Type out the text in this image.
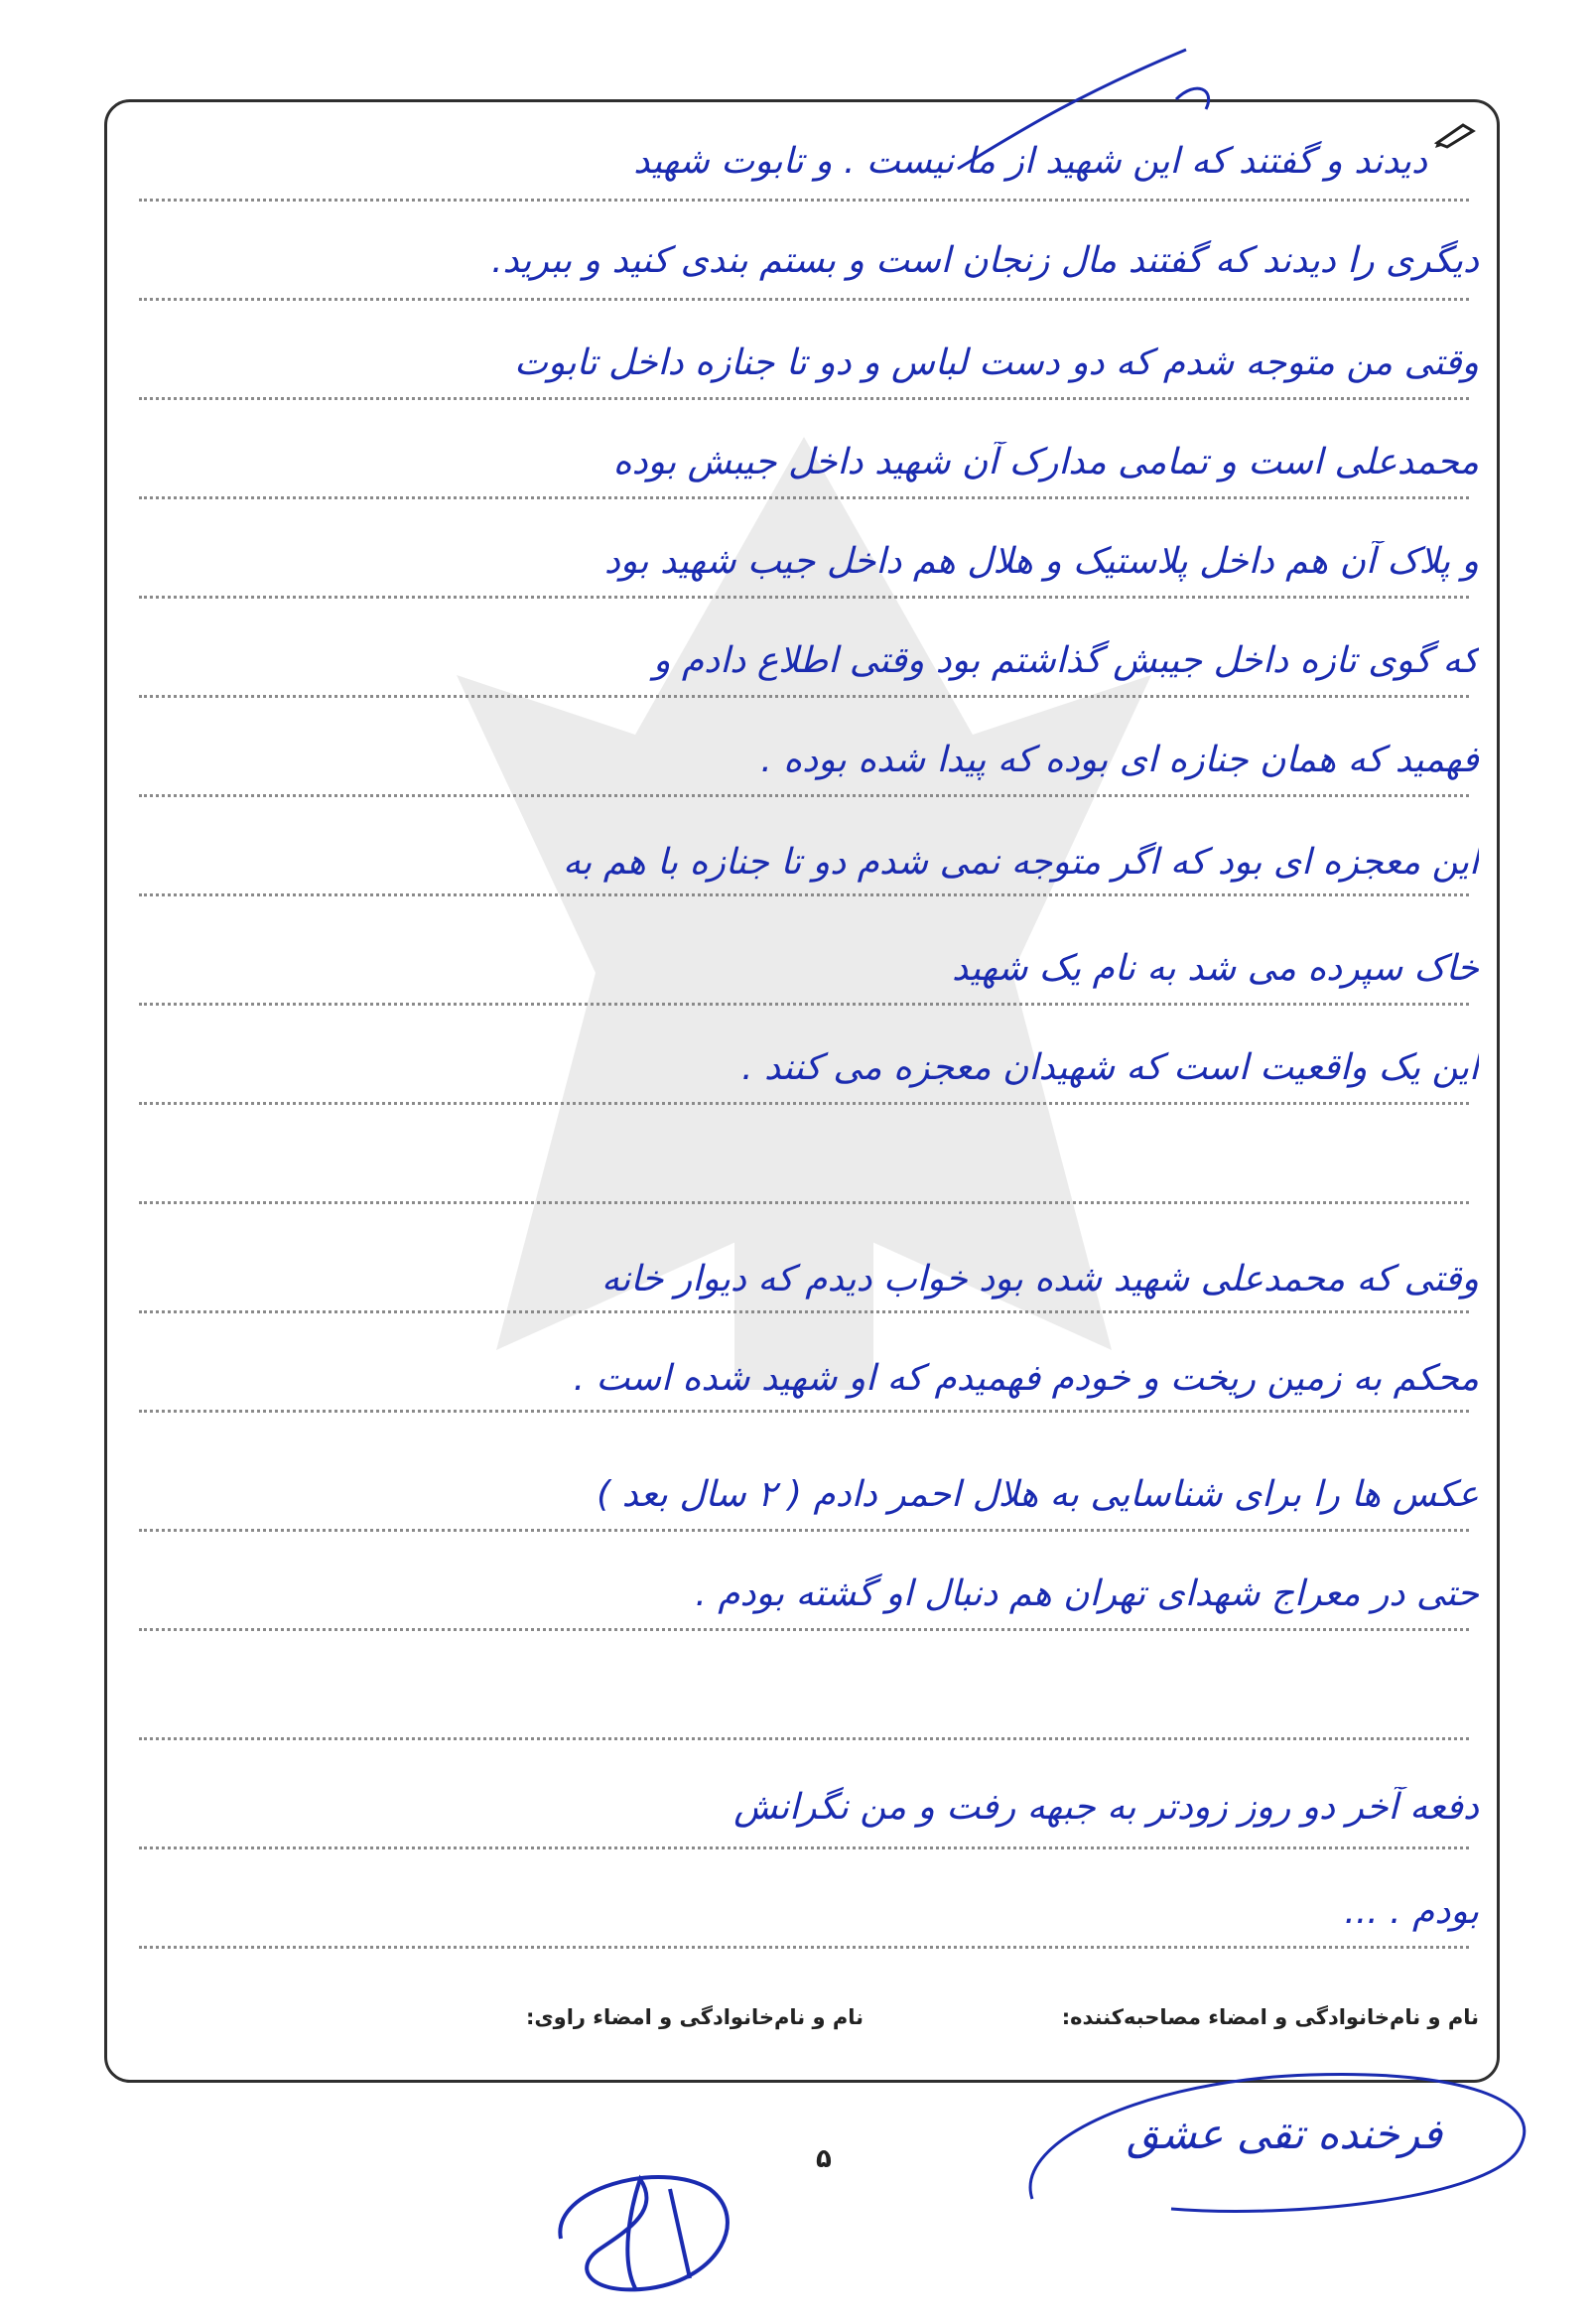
دیدند و گفتند که این شهید از ما نیست . و تابوت شهید
دیگری را دیدند که گفتند مال زنجان است و بستم بندی کنید و ببرید.
وقتی من متوجه شدم که دو دست لباس و دو تا جنازه داخل تابوت
محمدعلی است و تمامی مدارک آن شهید داخل جیبش بوده
و پلاک آن هم داخل پلاستیک و هلال هم داخل جیب شهید بود
که گوی تازه داخل جیبش گذاشتم بود وقتی اطلاع دادم و
فهمید که همان جنازه ای بوده که پیدا شده بوده .
این معجزه ای بود که اگر متوجه نمی شدم دو تا جنازه با هم به
خاک سپرده می شد به نام یک شهید
این یک واقعیت است که شهیدان معجزه می کنند .
وقتی که محمدعلی شهید شده بود خواب دیدم که دیوار خانه
محکم به زمین ریخت و خودم فهمیدم که او شهید شده است .
عکس ها را برای شناسایی به هلال احمر دادم ( ۲ سال بعد )
حتی در معراج شهدای تهران هم دنبال او گشته بودم .
دفعه آخر دو روز زودتر به جبهه رفت و من نگرانش
بودم . ...
نام و نام‌خانوادگی و امضاء مصاحبه‌کننده:
نام و نام‌خانوادگی و امضاء راوی:
۵
فرخنده تقی عشق
